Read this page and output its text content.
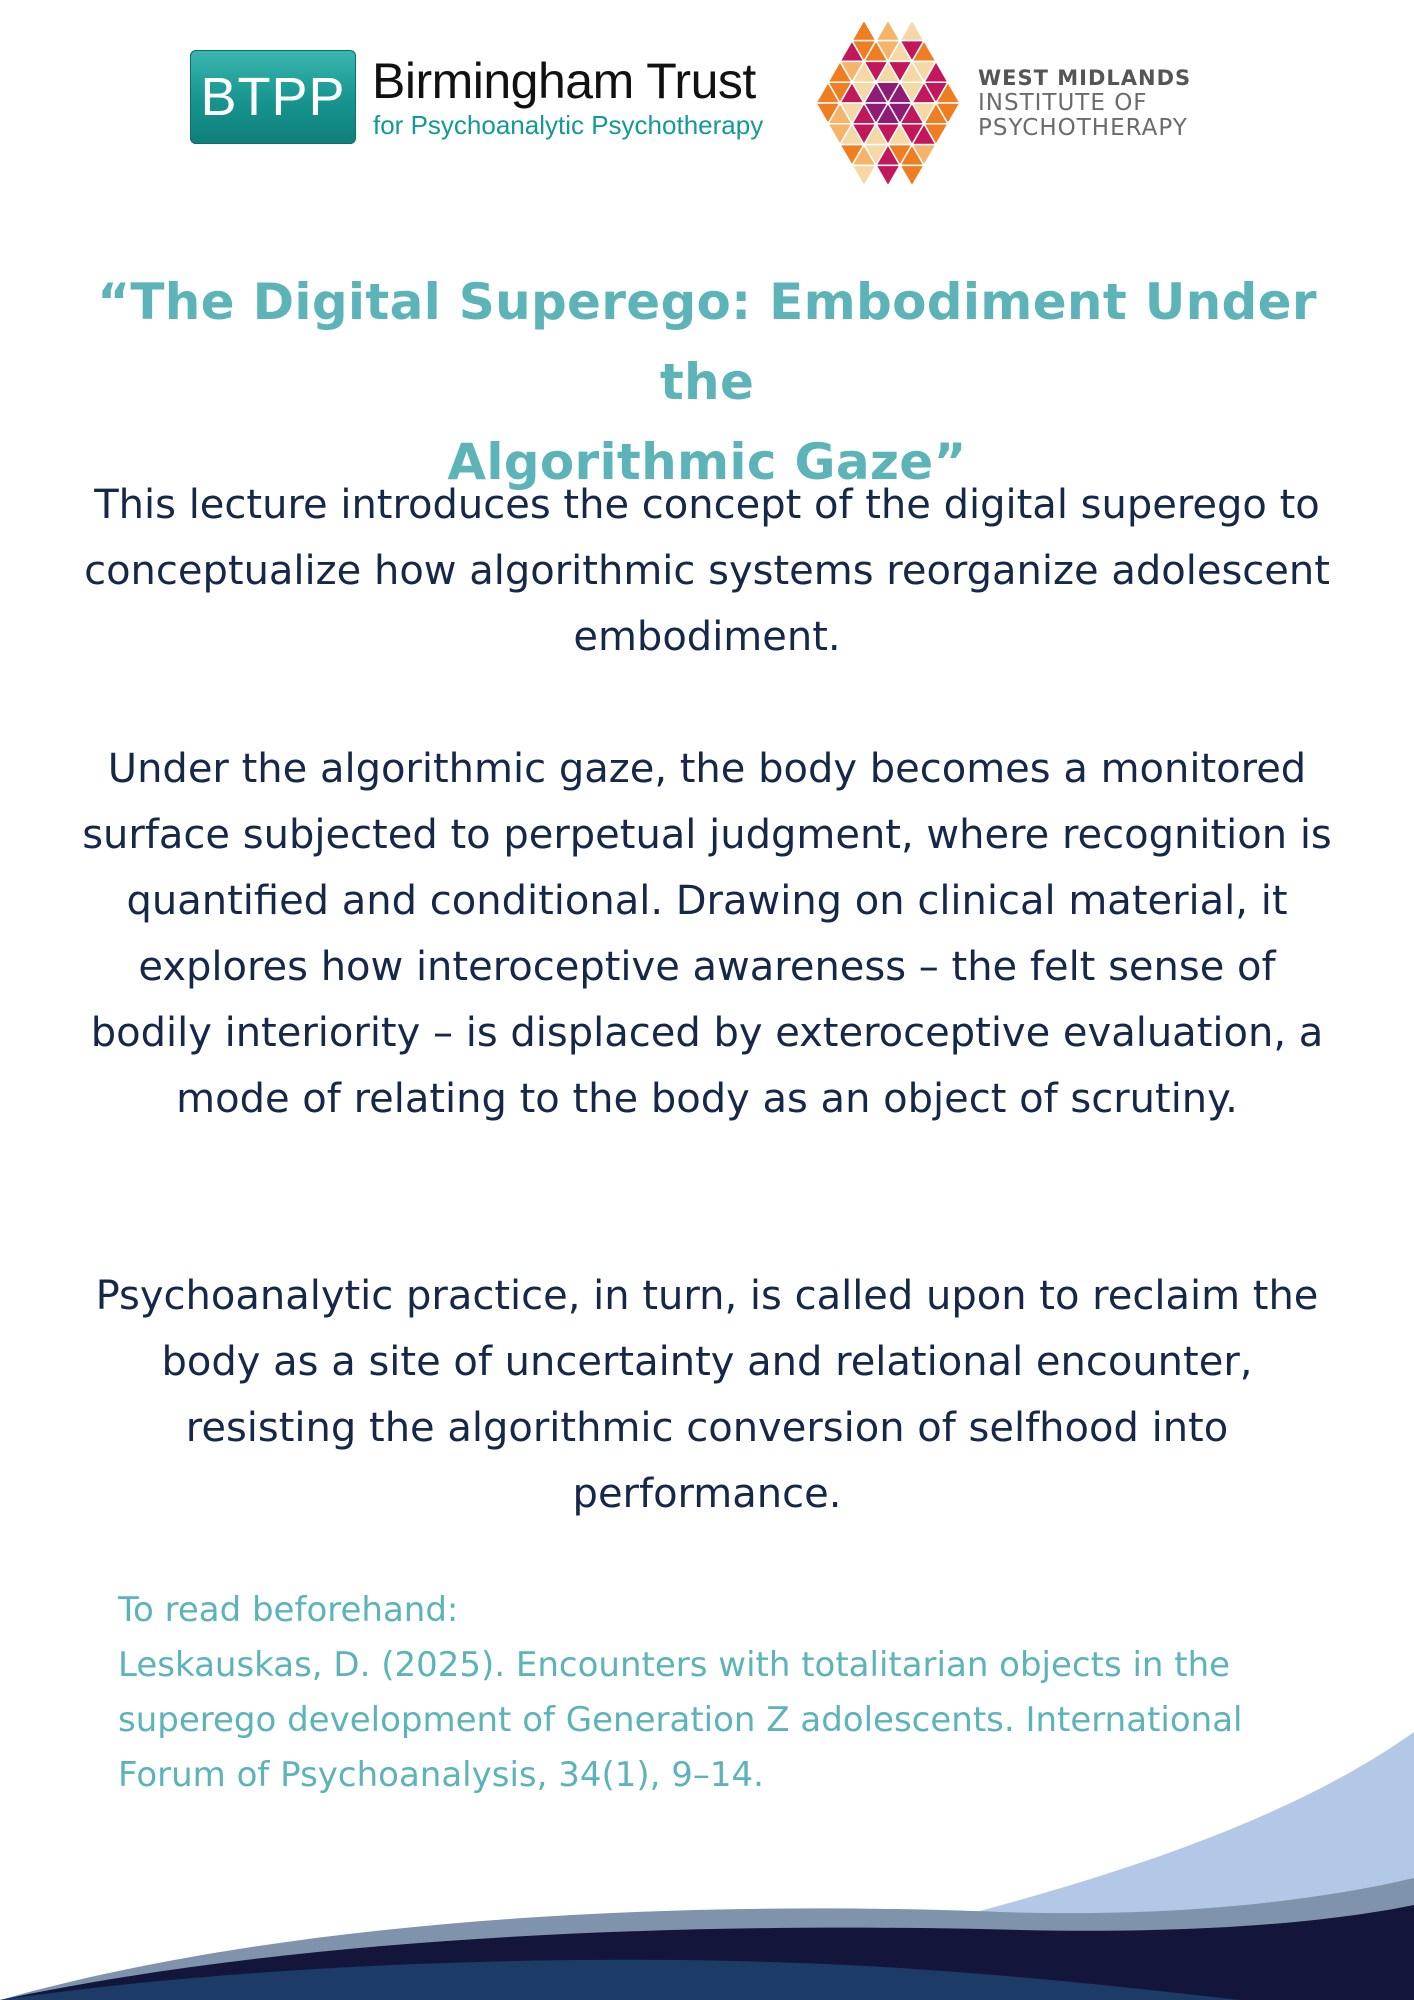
BTPP Birmingham Trust
for Psychoanalytic Psychotherapy
WEST MIDLANDS
INSTITUTE OF
PSYCHOTHERAPY
“The Digital Superego: Embodiment Under the
Algorithmic Gaze”
This lecture introduces the concept of the digital superego to conceptualize how algorithmic systems reorganize adolescent embodiment.
Under the algorithmic gaze, the body becomes a monitored surface subjected to perpetual judgment, where recognition is quantified and conditional. Drawing on clinical material, it explores how interoceptive awareness – the felt sense of bodily interiority – is displaced by exteroceptive evaluation, a mode of relating to the body as an object of scrutiny.
Psychoanalytic practice, in turn, is called upon to reclaim the body as a site of uncertainty and relational encounter, resisting the algorithmic conversion of selfhood into performance.
To read beforehand:
Leskauskas, D. (2025). Encounters with totalitarian objects in the
superego development of Generation Z adolescents. International
Forum of Psychoanalysis, 34(1), 9–14.
